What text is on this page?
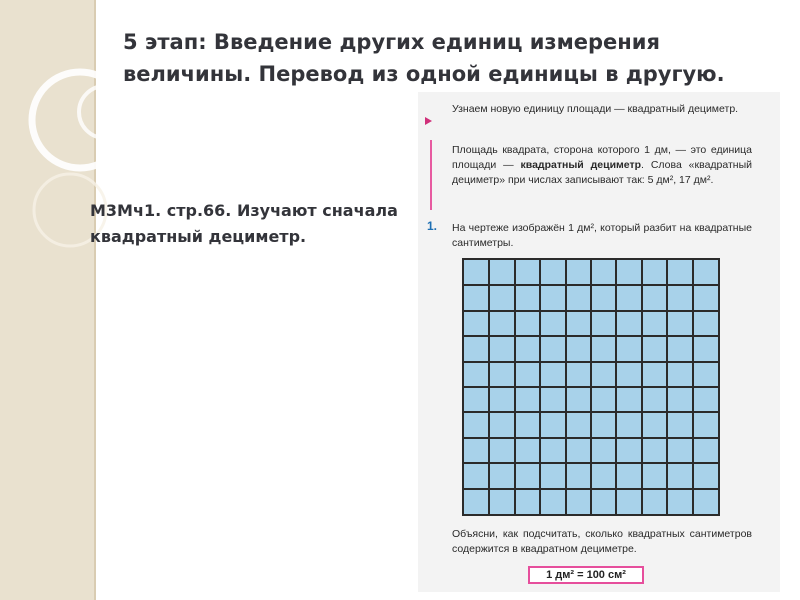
5 этап: Введение других единиц измерения величины. Перевод из одной единицы в другую.
М3Мч1. стр.66. Изучают сначала квадратный дециметр.
Узнаем новую единицу площади — квадратный дециметр.
Площадь квадрата, сторона которого 1 дм, — это единица площади — квадратный дециметр. Слова «квадратный дециметр» при числах записывают так: 5 дм², 17 дм².
1. На чертеже изображён 1 дм², который разбит на квадратные сантиметры.
Объясни, как подсчитать, сколько квадратных сантиметров содержится в квадратном дециметре.
1 дм² = 100 см²
